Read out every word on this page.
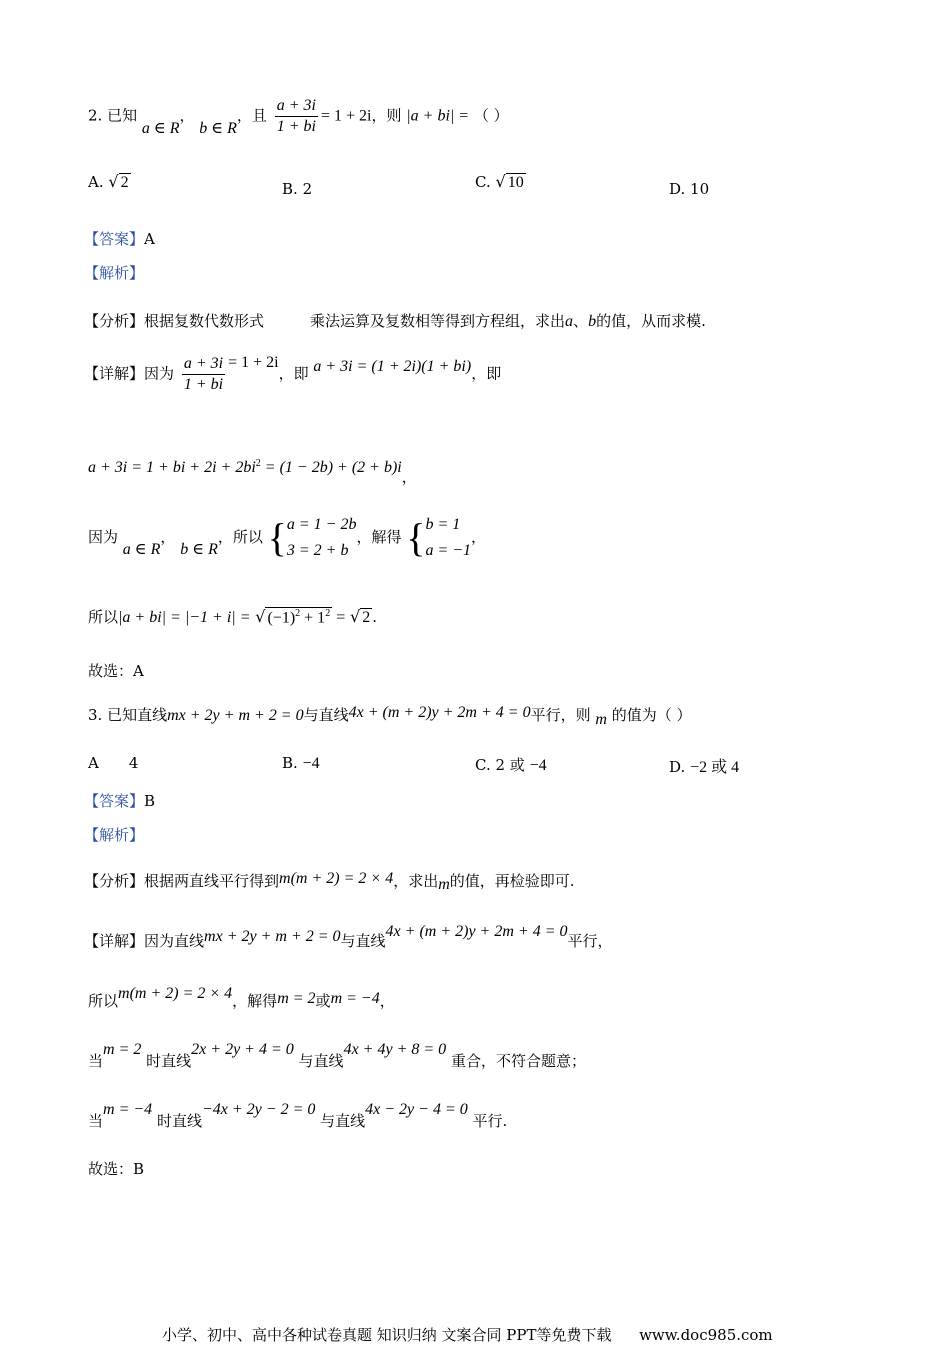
2. 已知 a ∈ R， b ∈ R，且 $\frac{a + 3i}{1 + bi} = 1 + 2i$，则 |a + bi| = （ ）
A. √ 2	B. 2	C. √ 10	D. 10
【答案】A
【解析】
【分析】根据复数代数形式	乘法运算及复数相等得到方程组，求出a、b的值，从而求模.
【详解】因为 $\frac{a + 3i}{1 + bi} = 1 + 2i$，即 a + 3i = (1 + 2i)(1 + bi)，即
a + 3i = 1 + bi + $2i + 2bi^2 = (1 - 2b) + (2 + b)i$，
因为 a ∈ R， b ∈ R，所以 { a = 1 − 2b
3 = 2 + b
，解得 { b = 1
a = −1
，
所以|a + bi| = |−1 + i| = √ $(-1)^2 + 1^2$ = √ 2 .
故选：A
3. 已知直线mx + 2y + m + 2 = 0与直线4x + (m + 2)y + 2m + 4 = 0平行，则 m 的值为（ ）
A 4	B. −4	C. 2 或 −4	D. −2 或 4
【答案】B
【解析】
【分析】根据两直线平行得到m(m + 2) = 2 × 4，求出m的值，再检验即可.
【详解】因为直线mx + 2y + m + 2 = 0与直线4x + (m + 2)y + 2m + 4 = 0平行，
所以m(m + 2) = 2 × 4，解得m = 2或m = −4，
当m = 2 时直线2x + 2y + 4 = 0 与直线4x + 4y + 8 = 0 重合，不符合题意；
当m = −4 时直线−4x + 2y − 2 = 0 与直线4x − 2y − 4 = 0 平行.
故选：B
小学、初中、高中各种试卷真题 知识归纳 文案合同 PPT等免费下载 www.doc985.com
